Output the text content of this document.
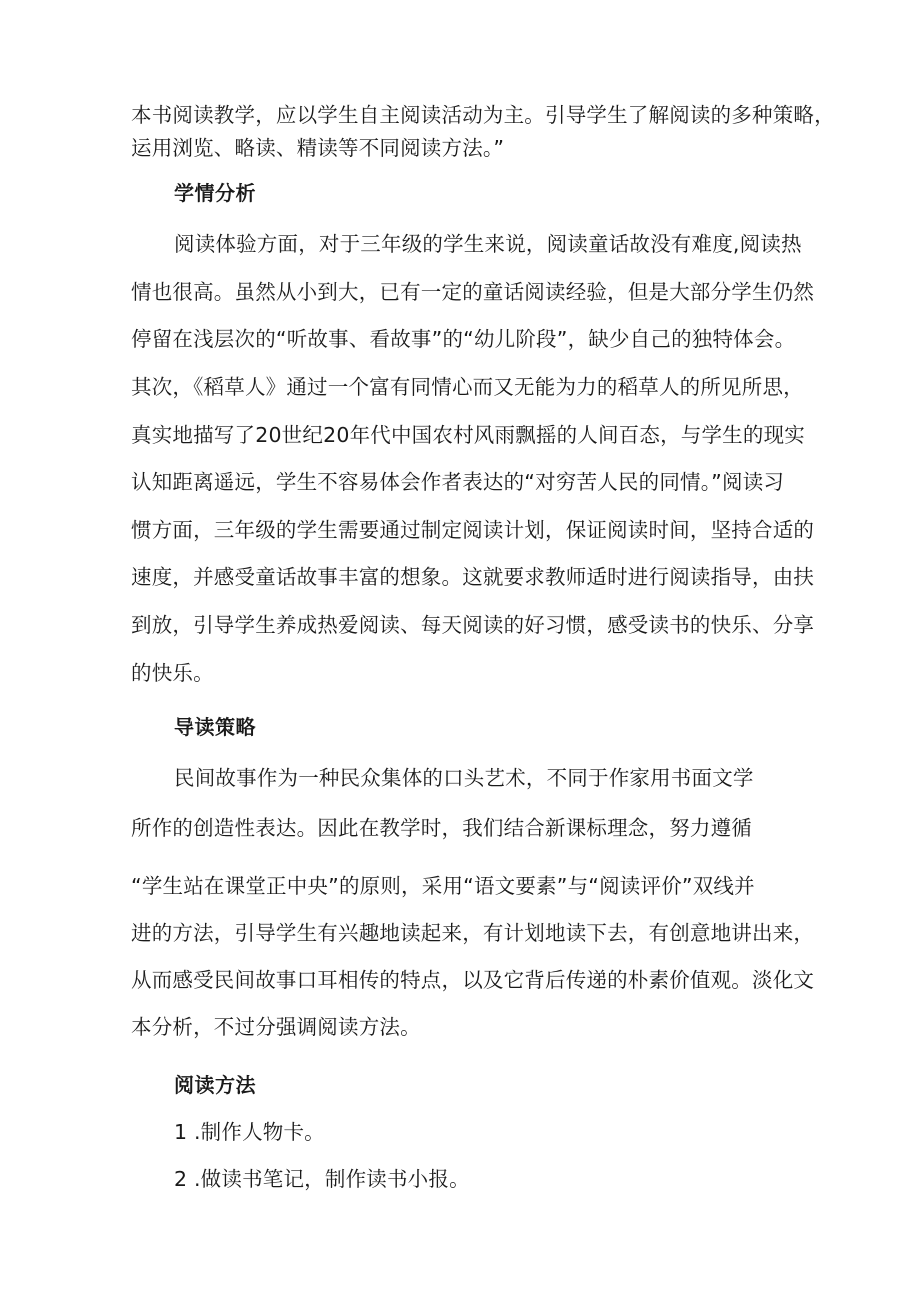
本书阅读教学，应以学生自主阅读活动为主。引导学生了解阅读的多种策略，
运用浏览、略读、精读等不同阅读方法。”
学情分析
阅读体验方面，对于三年级的学生来说，阅读童话故没有难度,阅读热
情也很高。虽然从小到大，已有一定的童话阅读经验，但是大部分学生仍然
停留在浅层次的“听故事、看故事”的“幼儿阶段”，缺少自己的独特体会。
其次，《稻草人》通过一个富有同情心而又无能为力的稻草人的所见所思，
真实地描写了20世纪20年代中国农村风雨飘摇的人间百态，与学生的现实
认知距离遥远，学生不容易体会作者表达的“对穷苦人民的同情。”阅读习
惯方面，三年级的学生需要通过制定阅读计划，保证阅读时间，坚持合适的
速度，并感受童话故事丰富的想象。这就要求教师适时进行阅读指导，由扶
到放，引导学生养成热爱阅读、每天阅读的好习惯，感受读书的快乐、分享
的快乐。
导读策略
民间故事作为一种民众集体的口头艺术，不同于作家用书面文学
所作的创造性表达。因此在教学时，我们结合新课标理念，努力遵循
“学生站在课堂正中央”的原则，采用“语文要素”与“阅读评价”双线并
进的方法，引导学生有兴趣地读起来，有计划地读下去，有创意地讲出来，
从而感受民间故事口耳相传的特点，以及它背后传递的朴素价值观。淡化文
本分析，不过分强调阅读方法。
阅读方法
1 .制作人物卡。
2 .做读书笔记，制作读书小报。
